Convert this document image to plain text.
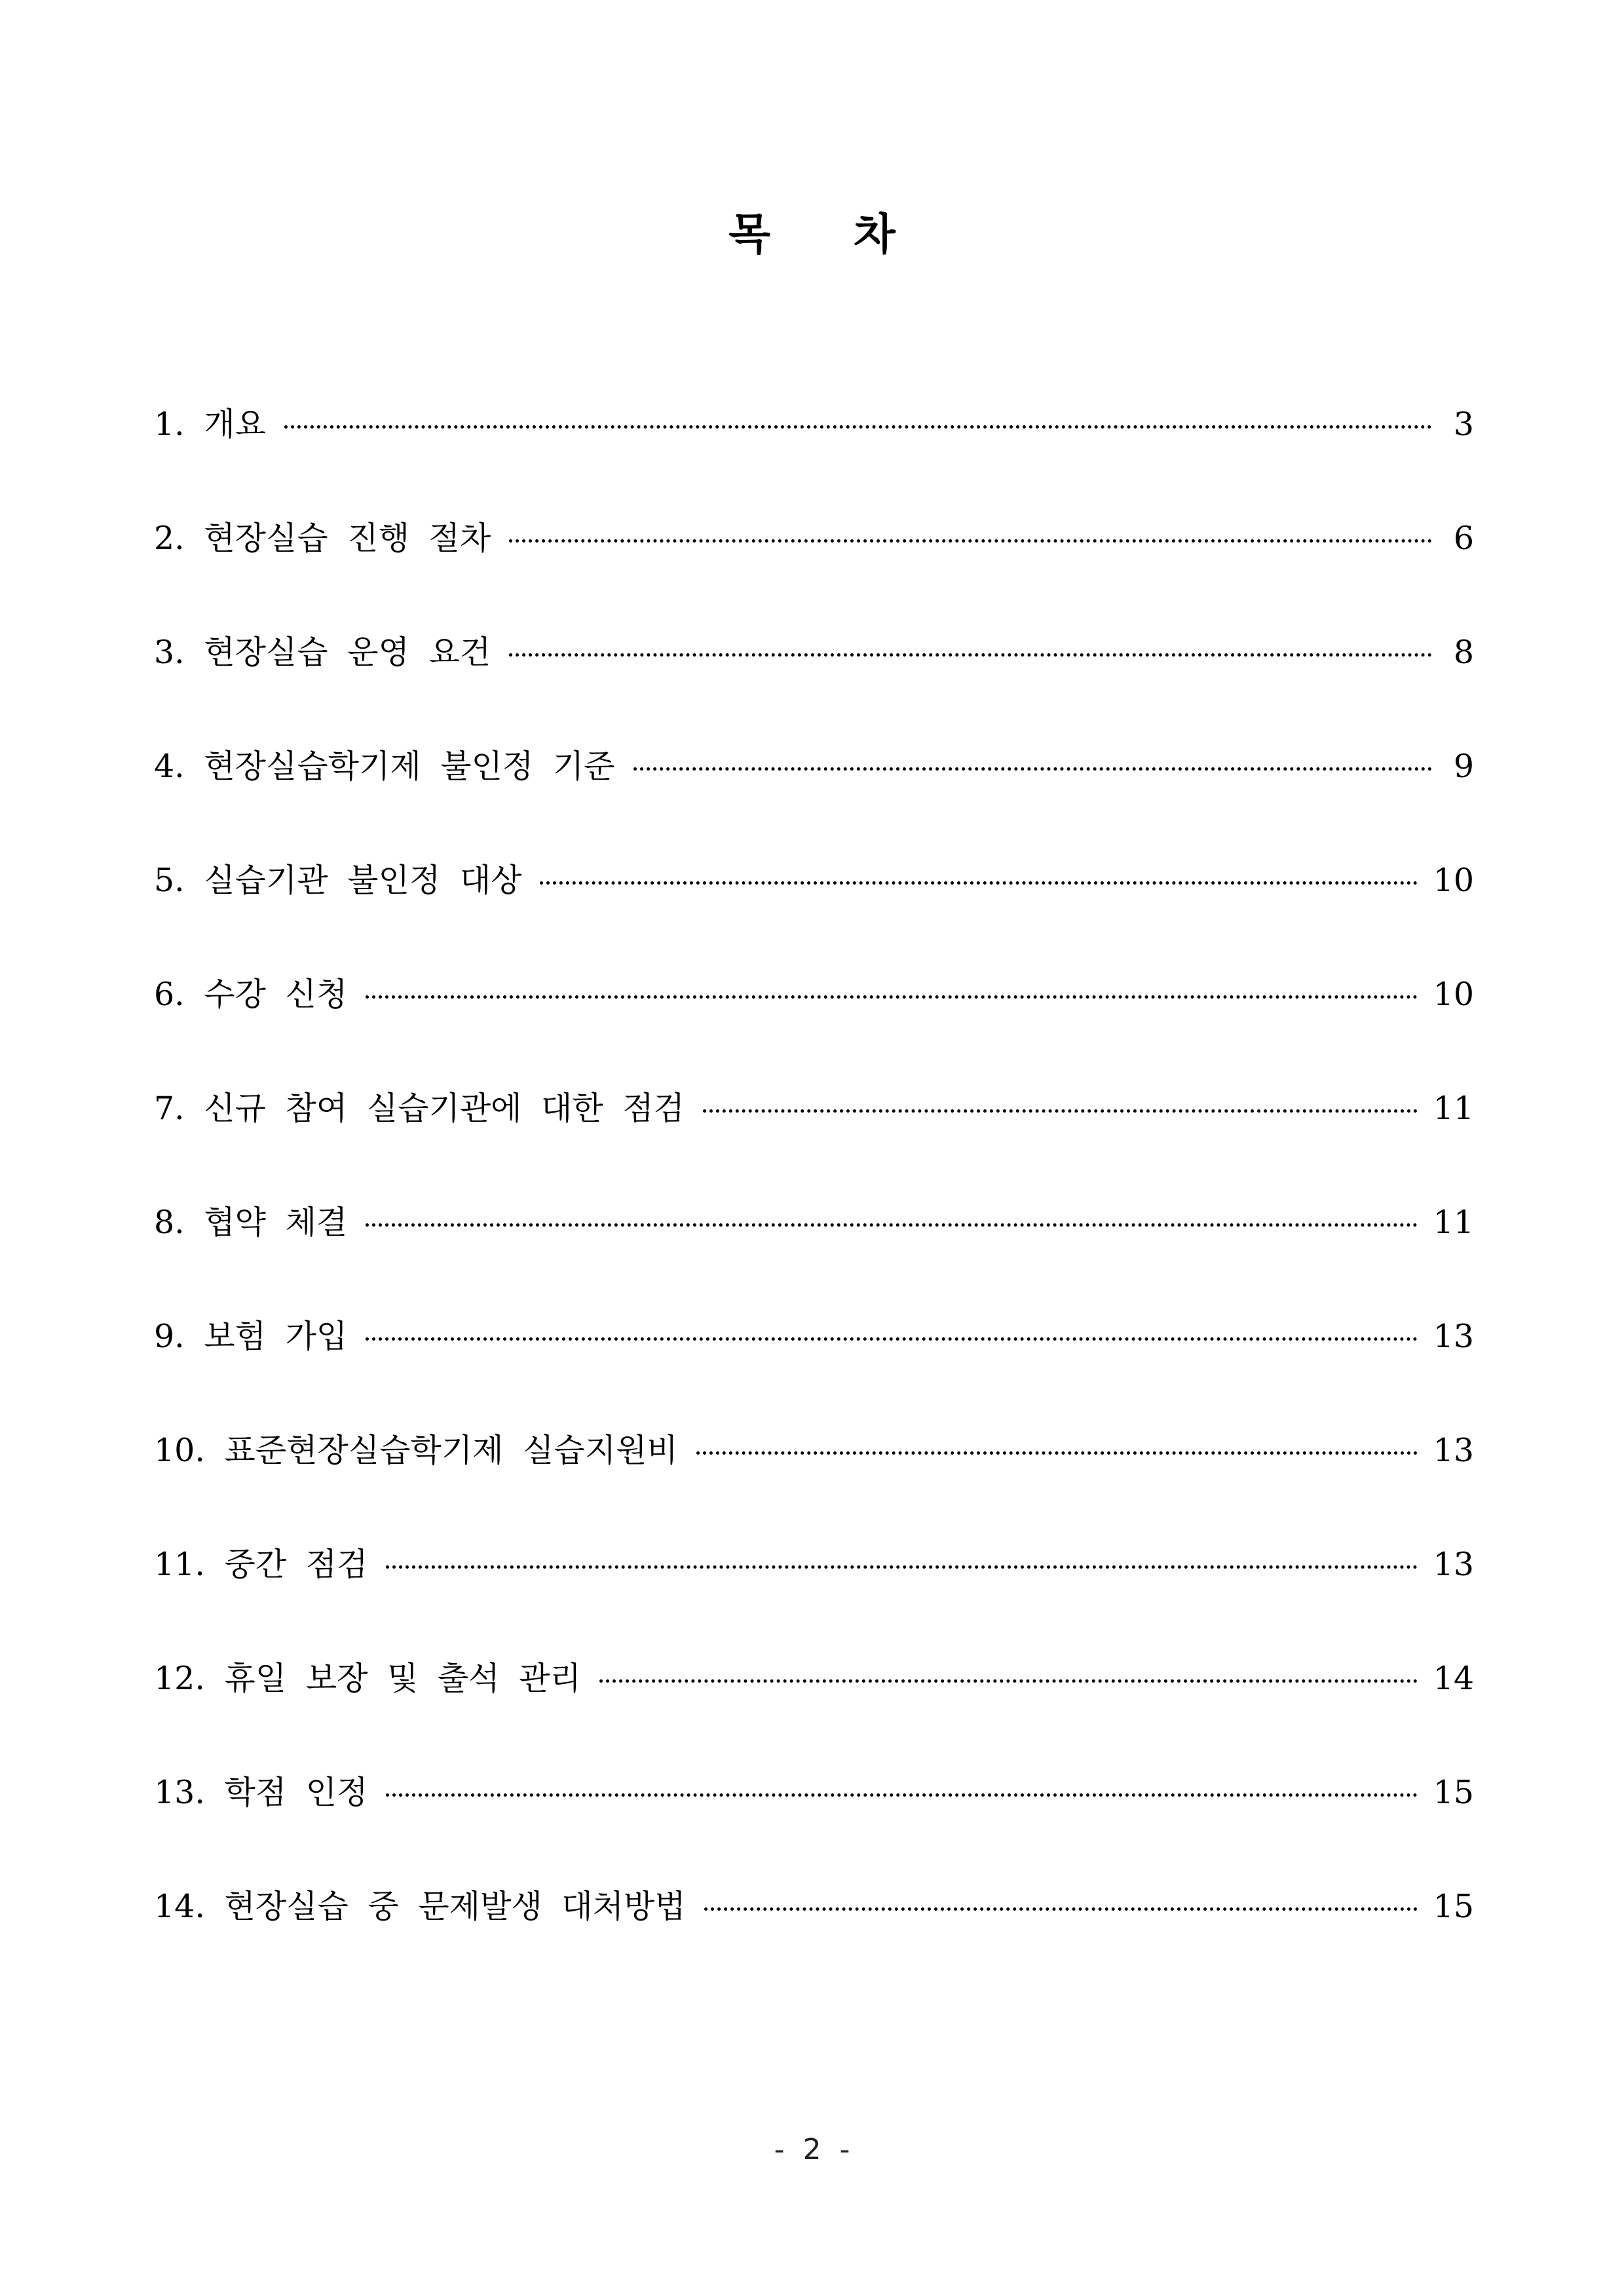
목 차
1. 개요	3
2. 현장실습 진행 절차	6
3. 현장실습 운영 요건	8
4. 현장실습학기제 불인정 기준	9
5. 실습기관 불인정 대상	10
6. 수강 신청	10
7. 신규 참여 실습기관에 대한 점검	11
8. 협약 체결	11
9. 보험 가입	13
10. 표준현장실습학기제 실습지원비	13
11. 중간 점검	13
12. 휴일 보장 및 출석 관리	14
13. 학점 인정	15
14. 현장실습 중 문제발생 대처방법	15
- 2 -
